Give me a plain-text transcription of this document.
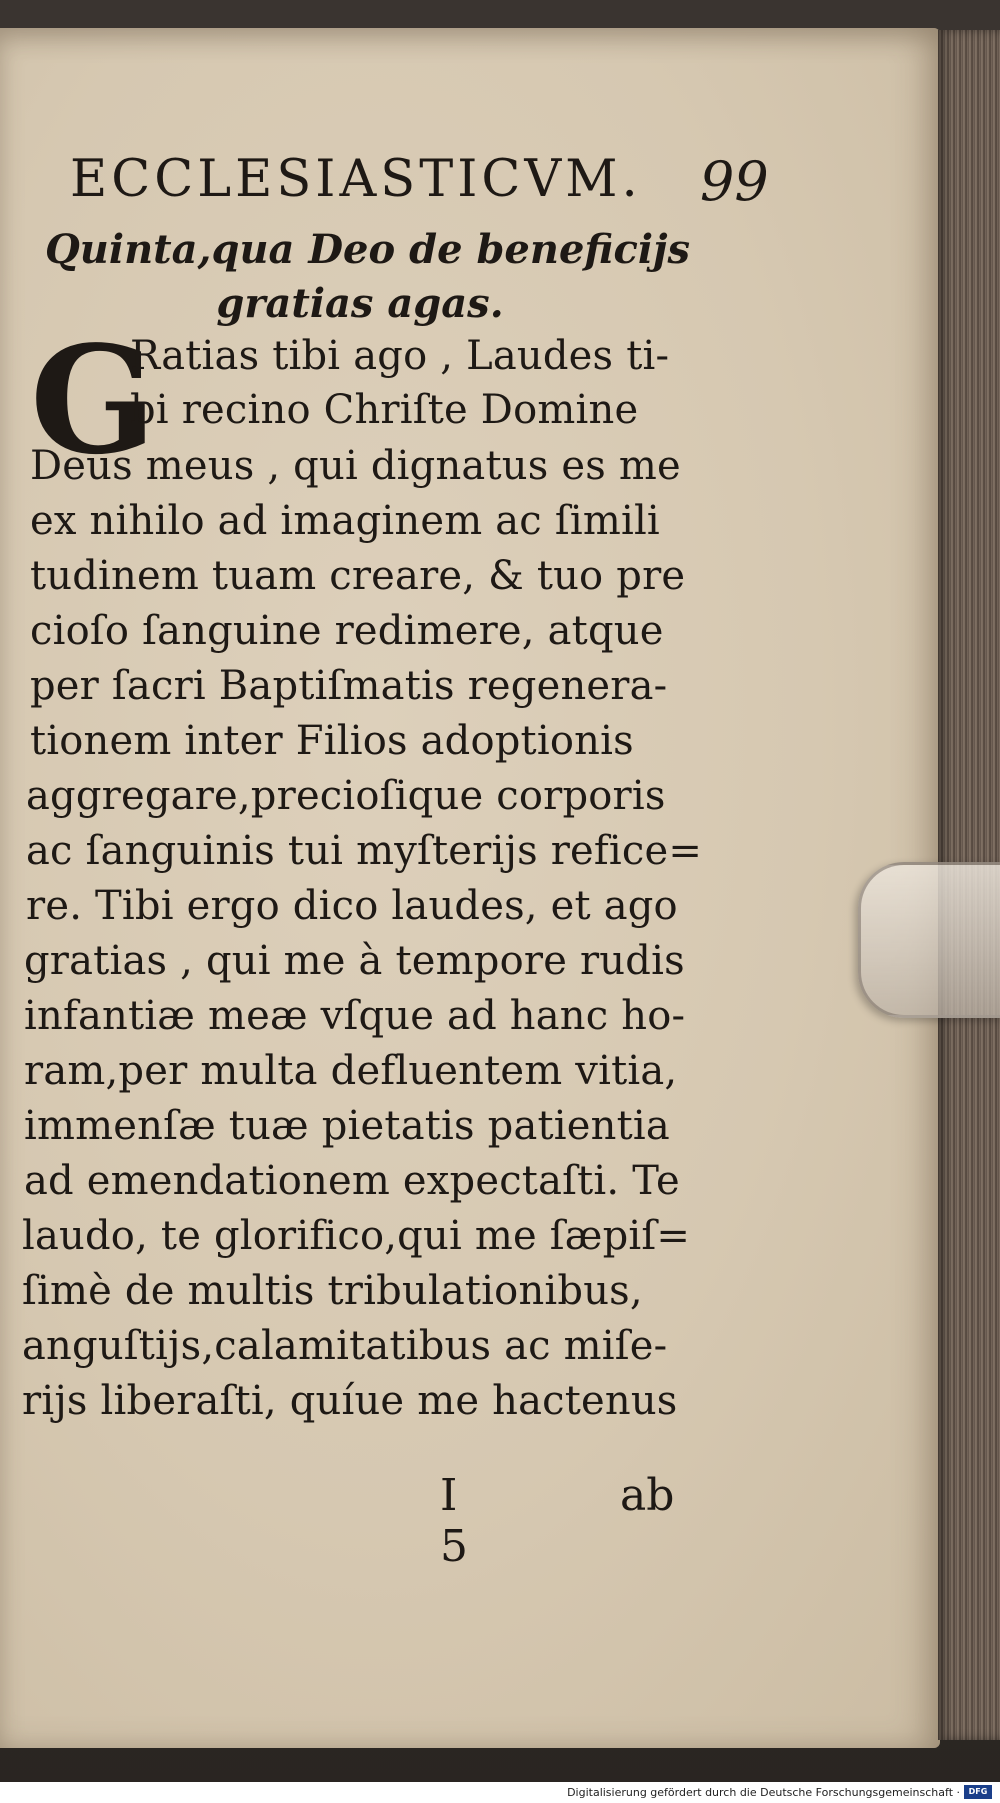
ECCLESIASTICVM.	99
Quinta,qua Deo de beneficijs
gratias agas.
G
Ratias tibi ago , Laudes ti-
bi recino Chriſte Domine
Deus meus , qui dignatus es me
ex nihilo ad imaginem ac ſimili
tudinem tuam creare, & tuo pre
cioſo ſanguine redimere, atque
per ſacri Baptiſmatis regenera-
tionem inter Filios adoptionis
aggregare,precioſique corporis
ac ſanguinis tui myſterijs refice=
re. Tibi ergo dico laudes, et ago
gratias , qui me à tempore rudis
infantiæ meæ vſque ad hanc ho-
ram,per multa defluentem vitia,
immenſæ tuæ pietatis patientia
ad emendationem expectaſti. Te
laudo, te glorifico,qui me ſæpiſ=
ſimè de multis tribulationibus,
anguſtijs,calamitatibus ac miſe-
rijs liberaſti, quíue me hactenus
I 5
ab
Digitalisierung gefördert durch die Deutsche Forschungsgemeinschaft ·	DFG
